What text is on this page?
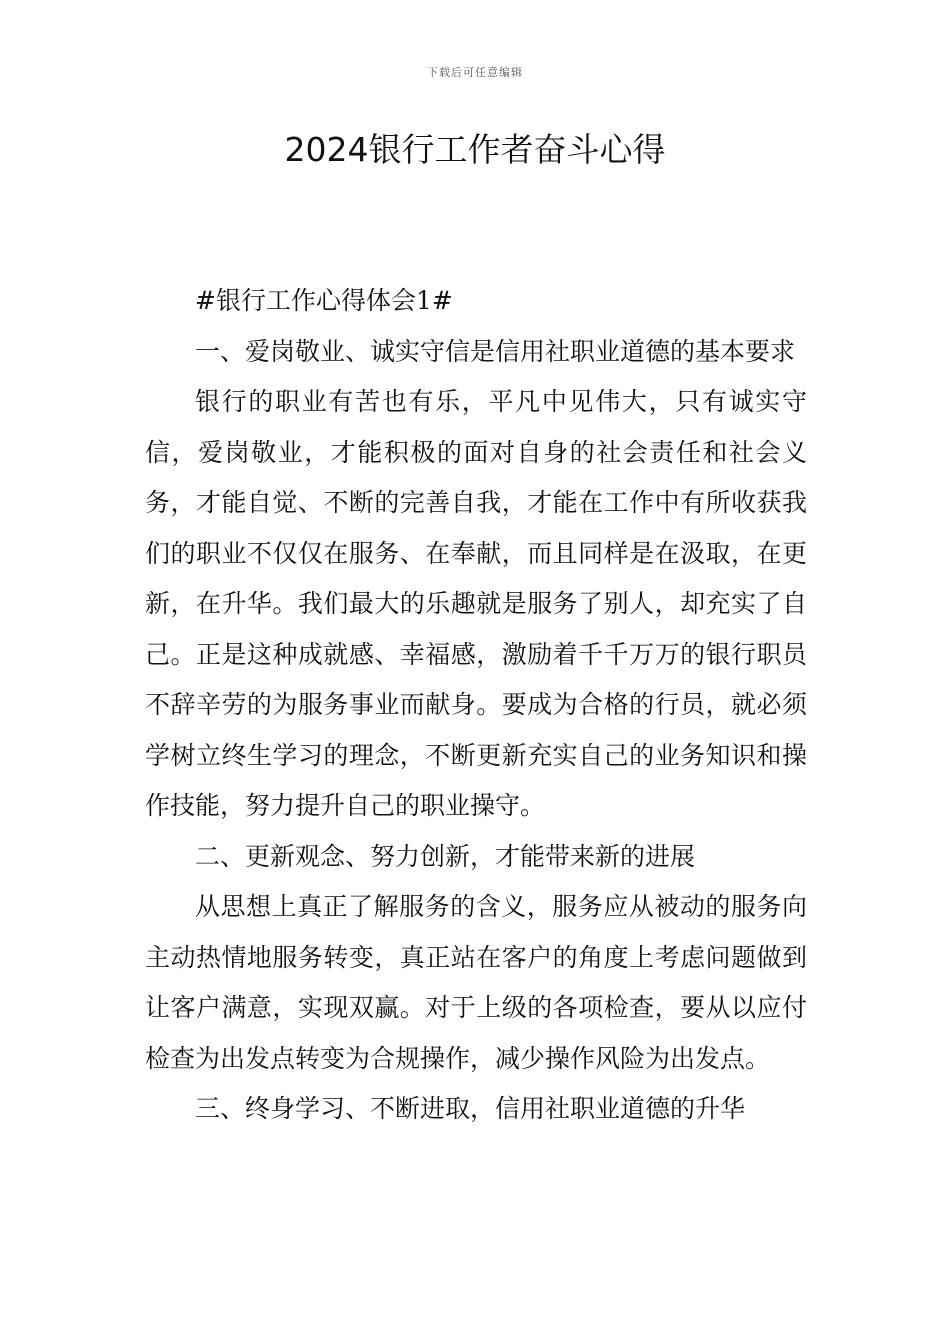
下载后可任意编辑
2024银行工作者奋斗心得

#银行工作心得体会1#

一、爱岗敬业、诚实守信是信用社职业道德的基本要求

银行的职业有苦也有乐，平凡中见伟大，只有诚实守信，爱岗敬业，才能积极的面对自身的社会责任和社会义务，才能自觉、不断的完善自我，才能在工作中有所收获我们的职业不仅仅在服务、在奉献，而且同样是在汲取，在更新，在升华。我们最大的乐趣就是服务了别人，却充实了自己。正是这种成就感、幸福感，激励着千千万万的银行职员不辞辛劳的为服务事业而献身。要成为合格的行员，就必须学树立终生学习的理念，不断更新充实自己的业务知识和操作技能，努力提升自己的职业操守。

二、更新观念、努力创新，才能带来新的进展

从思想上真正了解服务的含义，服务应从被动的服务向主动热情地服务转变，真正站在客户的角度上考虑问题做到让客户满意，实现双赢。对于上级的各项检查，要从以应付检查为出发点转变为合规操作，减少操作风险为出发点。

三、终身学习、不断进取，信用社职业道德的升华
